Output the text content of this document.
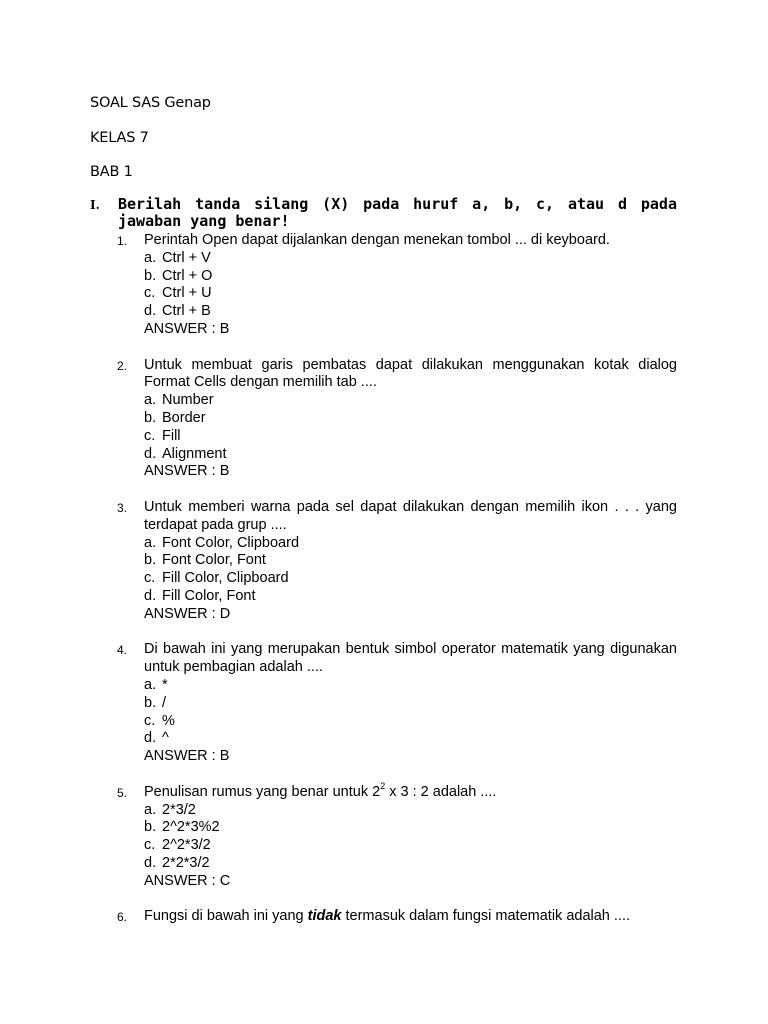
SOAL SAS Genap
KELAS 7
BAB 1
I. Berilah tanda silang (X) pada huruf a, b, c, atau d pada jawaban yang benar!
1. Perintah Open dapat dijalankan dengan menekan tombol ... di keyboard.
a. Ctrl + V
b. Ctrl + O
c. Ctrl + U
d. Ctrl + B
ANSWER : B
2. Untuk membuat garis pembatas dapat dilakukan menggunakan kotak dialog Format Cells dengan memilih tab ....
a. Number
b. Border
c. Fill
d. Alignment
ANSWER : B
3. Untuk memberi warna pada sel dapat dilakukan dengan memilih ikon . . . yang terdapat pada grup ....
a. Font Color, Clipboard
b. Font Color, Font
c. Fill Color, Clipboard
d. Fill Color, Font
ANSWER : D
4. Di bawah ini yang merupakan bentuk simbol operator matematik yang digunakan untuk pembagian adalah ....
a. *
b. /
c. %
d. ^
ANSWER : B
5. Penulisan rumus yang benar untuk $2^2$ x 3 : 2 adalah ....
a. 2*3/2
b. 2^2*3%2
c. 2^2*3/2
d. 2*2*3/2
ANSWER : C
6. Fungsi di bawah ini yang tidak termasuk dalam fungsi matematik adalah ....
